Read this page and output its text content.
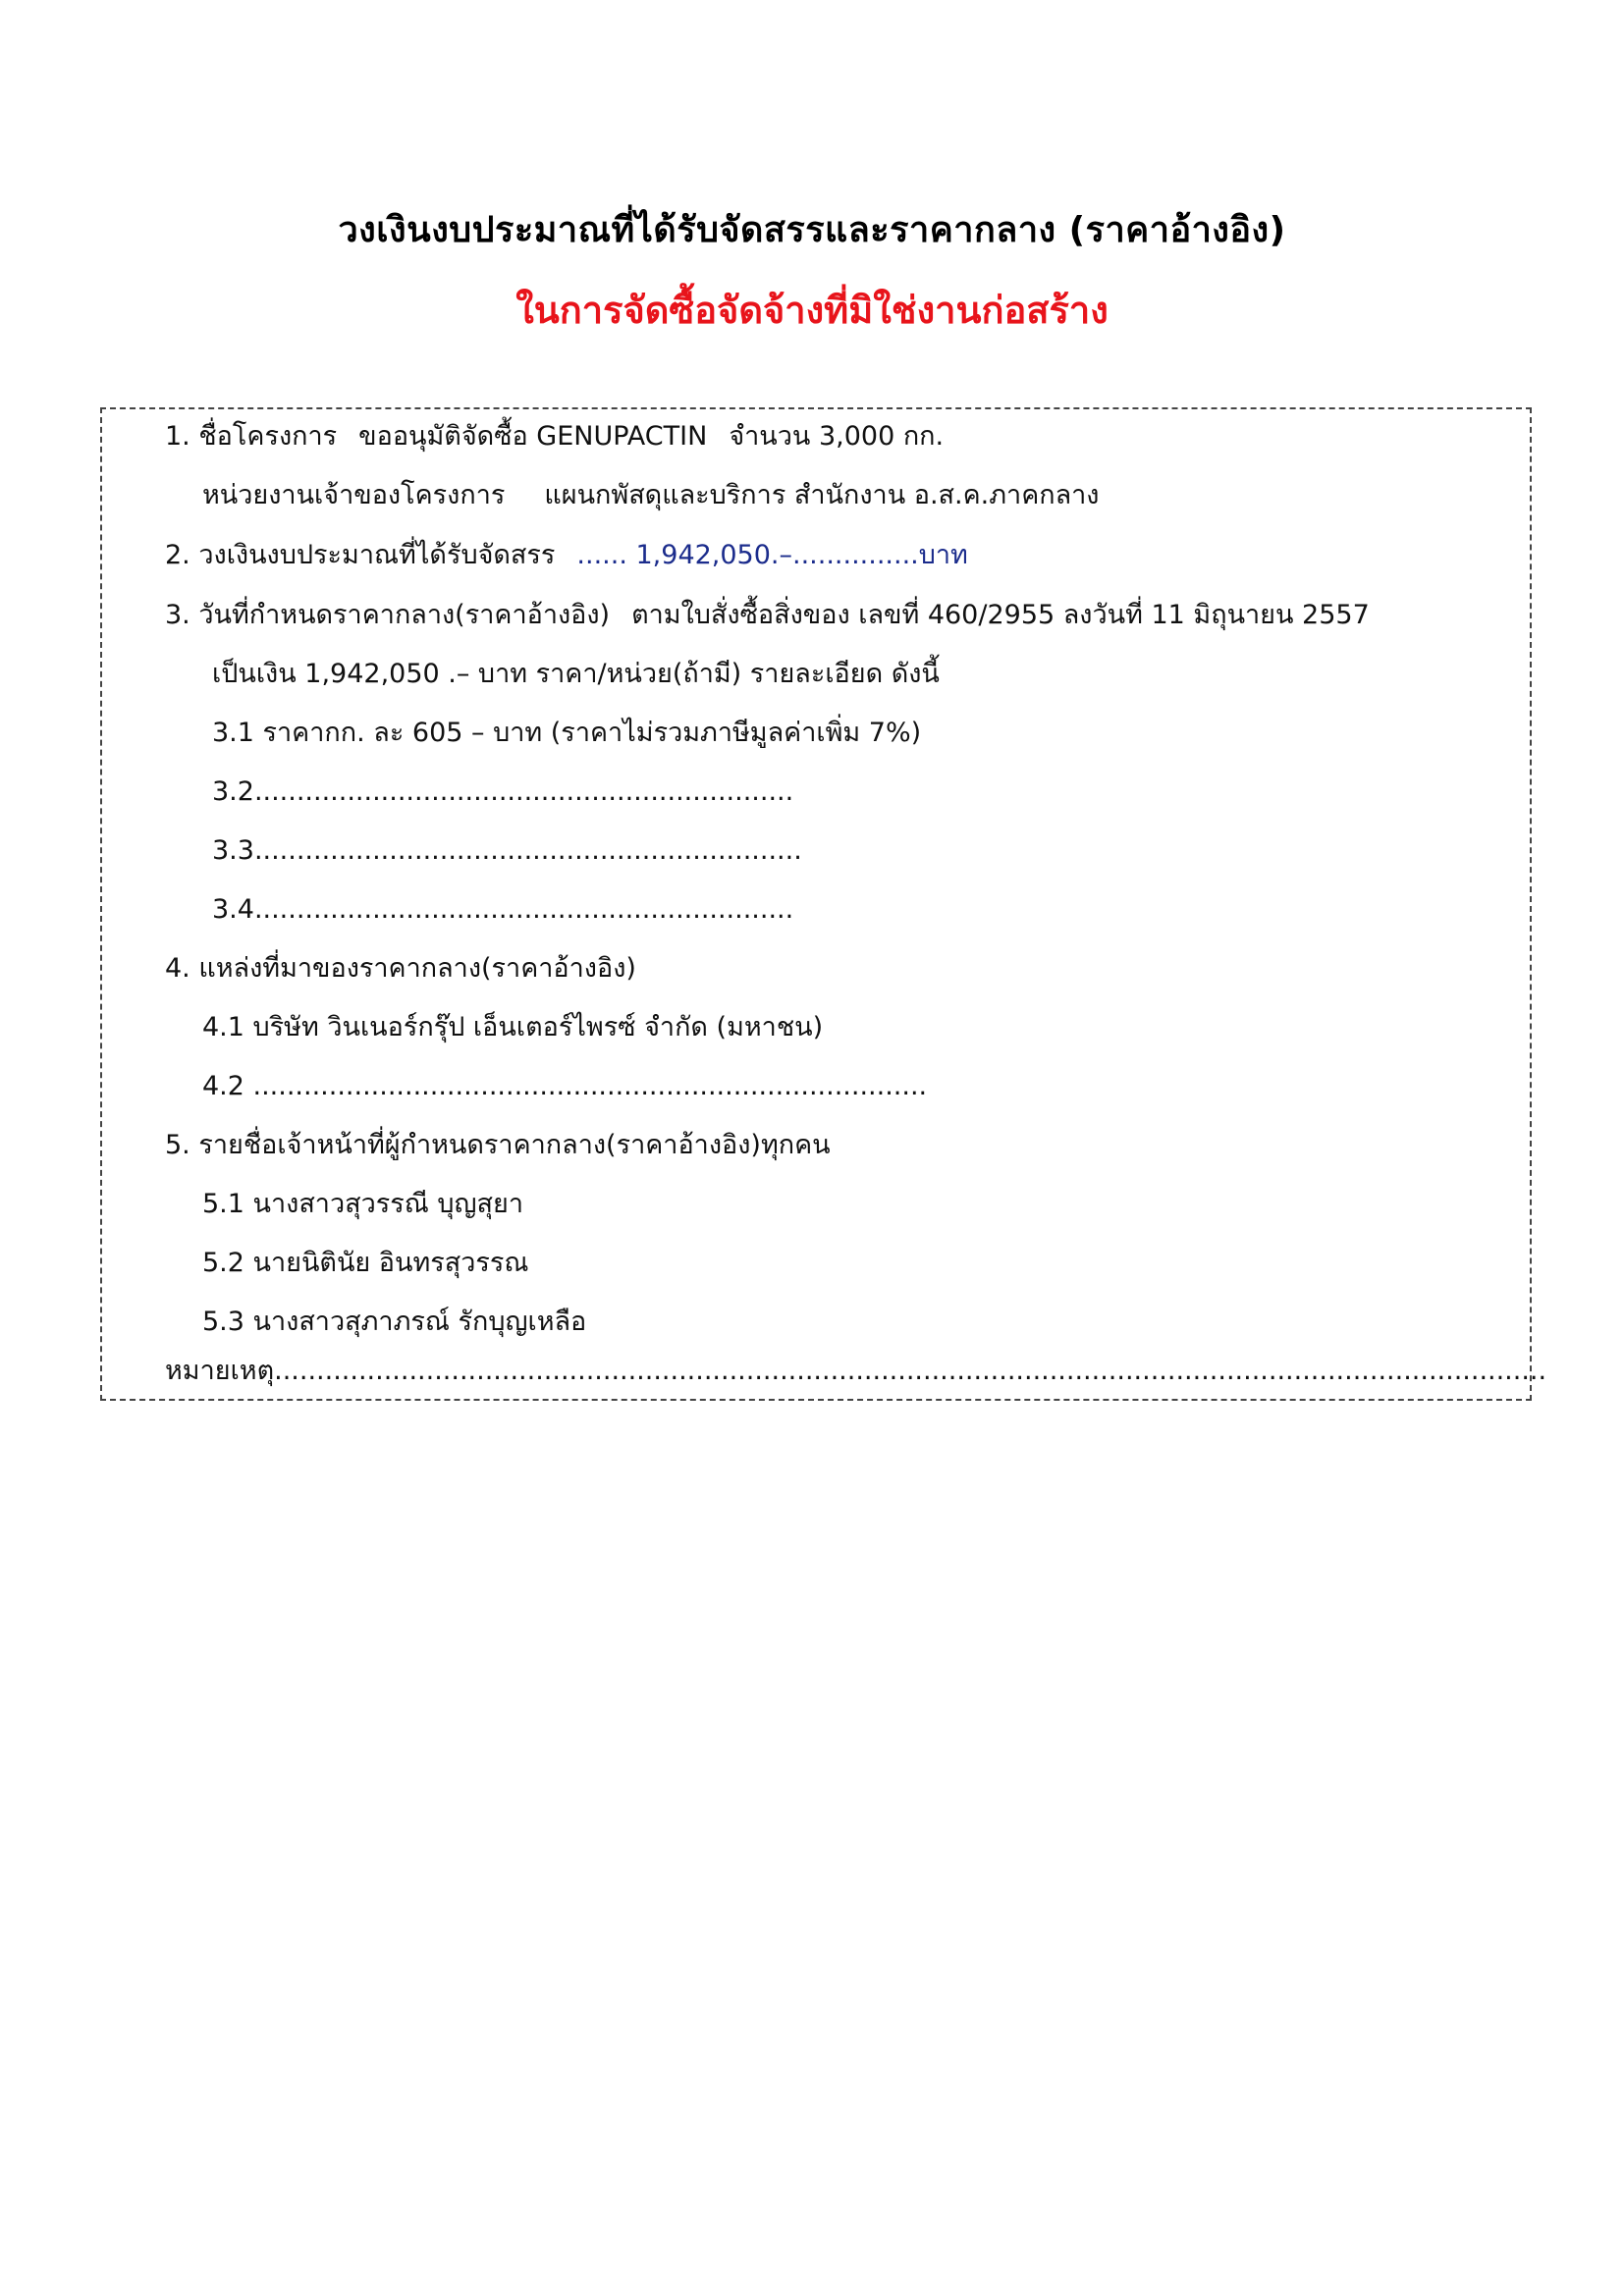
วงเงินงบประมาณที่ได้รับจัดสรรและราคากลาง (ราคาอ้างอิง)
ในการจัดซื้อจัดจ้างที่มิใช่งานก่อสร้าง
1. ชื่อโครงการ ขออนุมัติจัดซื้อ GENUPACTIN จำนวน 3,000 กก.
หน่วยงานเจ้าของโครงการ แผนกพัสดุและบริการ สำนักงาน อ.ส.ค.ภาคกลาง
2. วงเงินงบประมาณที่ได้รับจัดสรร ...... 1,942,050.–...............บาท
3. วันที่กำหนดราคากลาง(ราคาอ้างอิง) ตามใบสั่งซื้อสิ่งของ เลขที่ 460/2955 ลงวันที่ 11 มิถุนายน 2557
เป็นเงิน 1,942,050 .– บาท ราคา/หน่วย(ถ้ามี) รายละเอียด ดังนี้
3.1 ราคากก. ละ 605 – บาท (ราคาไม่รวมภาษีมูลค่าเพิ่ม 7%)
3.2................................................................
3.3.................................................................
3.4................................................................
4. แหล่งที่มาของราคากลาง(ราคาอ้างอิง)
4.1 บริษัท วินเนอร์กรุ๊ป เอ็นเตอร์ไพรซ์ จำกัด (มหาชน)
4.2 ................................................................................
5. รายชื่อเจ้าหน้าที่ผู้กำหนดราคากลาง(ราคาอ้างอิง)ทุกคน
5.1 นางสาวสุวรรณี บุญสุยา
5.2 นายนิตินัย อินทรสุวรรณ
5.3 นางสาวสุภาภรณ์ รักบุญเหลือ
หมายเหตุ.......................................................................................................................................................
